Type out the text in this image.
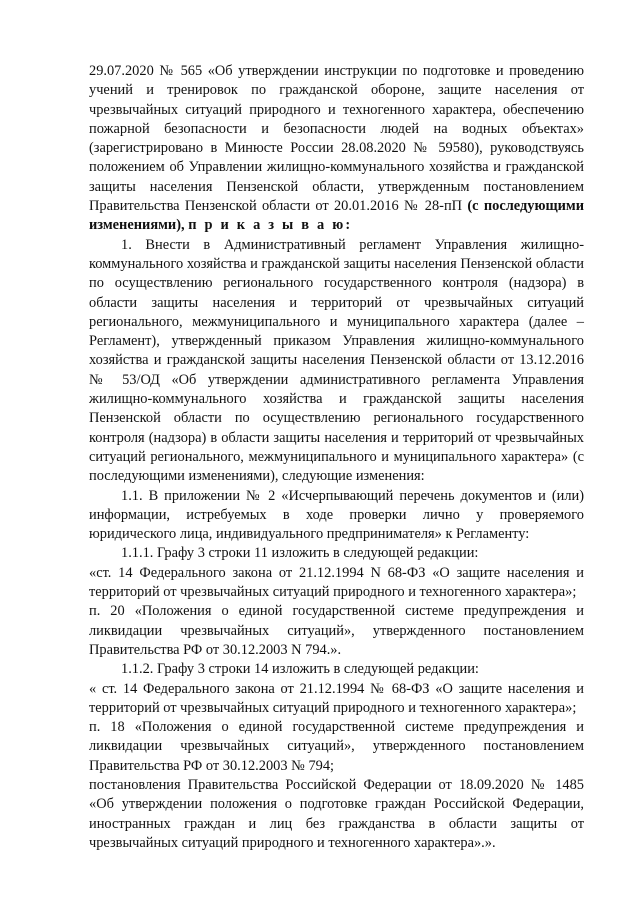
29.07.2020 № 565 «Об утверждении инструкции по подготовке и проведению учений и тренировок по гражданской обороне, защите населения от чрезвычайных ситуаций природного и техногенного характера, обеспечению пожарной безопасности и безопасности людей на водных объектах» (зарегистрировано в Минюсте России 28.08.2020 № 59580), руководствуясь положением об Управлении жилищно-коммунального хозяйства и гражданской защиты населения Пензенской области, утвержденным постановлением Правительства Пензенской области от 20.01.2016 № 28-пП (с последующими изменениями), п р и к а з ы в а ю:

1. Внести в Административный регламент Управления жилищно-коммунального хозяйства и гражданской защиты населения Пензенской области по осуществлению регионального государственного контроля (надзора) в области защиты населения и территорий от чрезвычайных ситуаций регионального, межмуниципального и муниципального характера (далее – Регламент), утвержденный приказом Управления жилищно-коммунального хозяйства и гражданской защиты населения Пензенской области от 13.12.2016 № 53/ОД «Об утверждении административного регламента Управления жилищно-коммунального хозяйства и гражданской защиты населения Пензенской области по осуществлению регионального государственного контроля (надзора) в области защиты населения и территорий от чрезвычайных ситуаций регионального, межмуниципального и муниципального характера» (с последующими изменениями), следующие изменения:

1.1. В приложении № 2 «Исчерпывающий перечень документов и (или) информации, истребуемых в ходе проверки лично у проверяемого юридического лица, индивидуального предпринимателя» к Регламенту:

1.1.1. Графу 3 строки 11 изложить в следующей редакции:

«ст. 14 Федерального закона от 21.12.1994 N 68-ФЗ «О защите населения и территорий от чрезвычайных ситуаций природного и техногенного характера»;

п. 20 «Положения о единой государственной системе предупреждения и ликвидации чрезвычайных ситуаций», утвержденного постановлением Правительства РФ от 30.12.2003 N 794.».

1.1.2. Графу 3 строки 14 изложить в следующей редакции:

« ст. 14 Федерального закона от 21.12.1994 № 68-ФЗ «О защите населения и территорий от чрезвычайных ситуаций природного и техногенного характера»;

п. 18 «Положения о единой государственной системе предупреждения и ликвидации чрезвычайных ситуаций», утвержденного постановлением Правительства РФ от 30.12.2003 № 794;

постановления Правительства Российской Федерации от 18.09.2020 № 1485 «Об утверждении положения о подготовке граждан Российской Федерации, иностранных граждан и лиц без гражданства в области защиты от чрезвычайных ситуаций природного и техногенного характера».».
